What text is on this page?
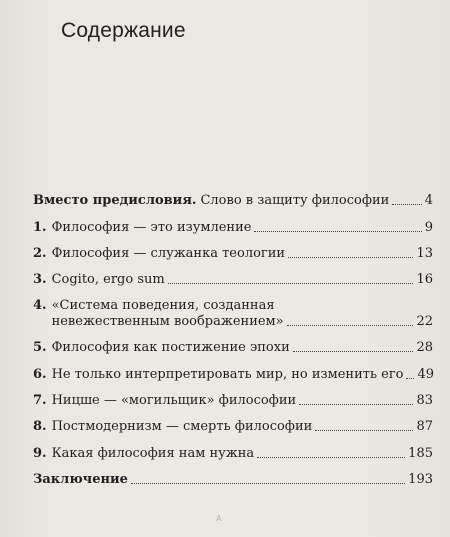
Содержание
Вместо предисловия. Слово в защиту философии	4
1. Философия — это изумление	9
2. Философия — служанка теологии	13
3. Cogito, ergo sum	16
4. «Система поведения, созданная
невежественным воображением»	22
5. Философия как постижение эпохи	28
6. Не только интерпретировать мир, но изменить его 49
7. Ницше — «могильщик» философии	83
8. Постмодернизм — смерть философии	87
9. Какая философия нам нужна	185
Заключение	193
A
